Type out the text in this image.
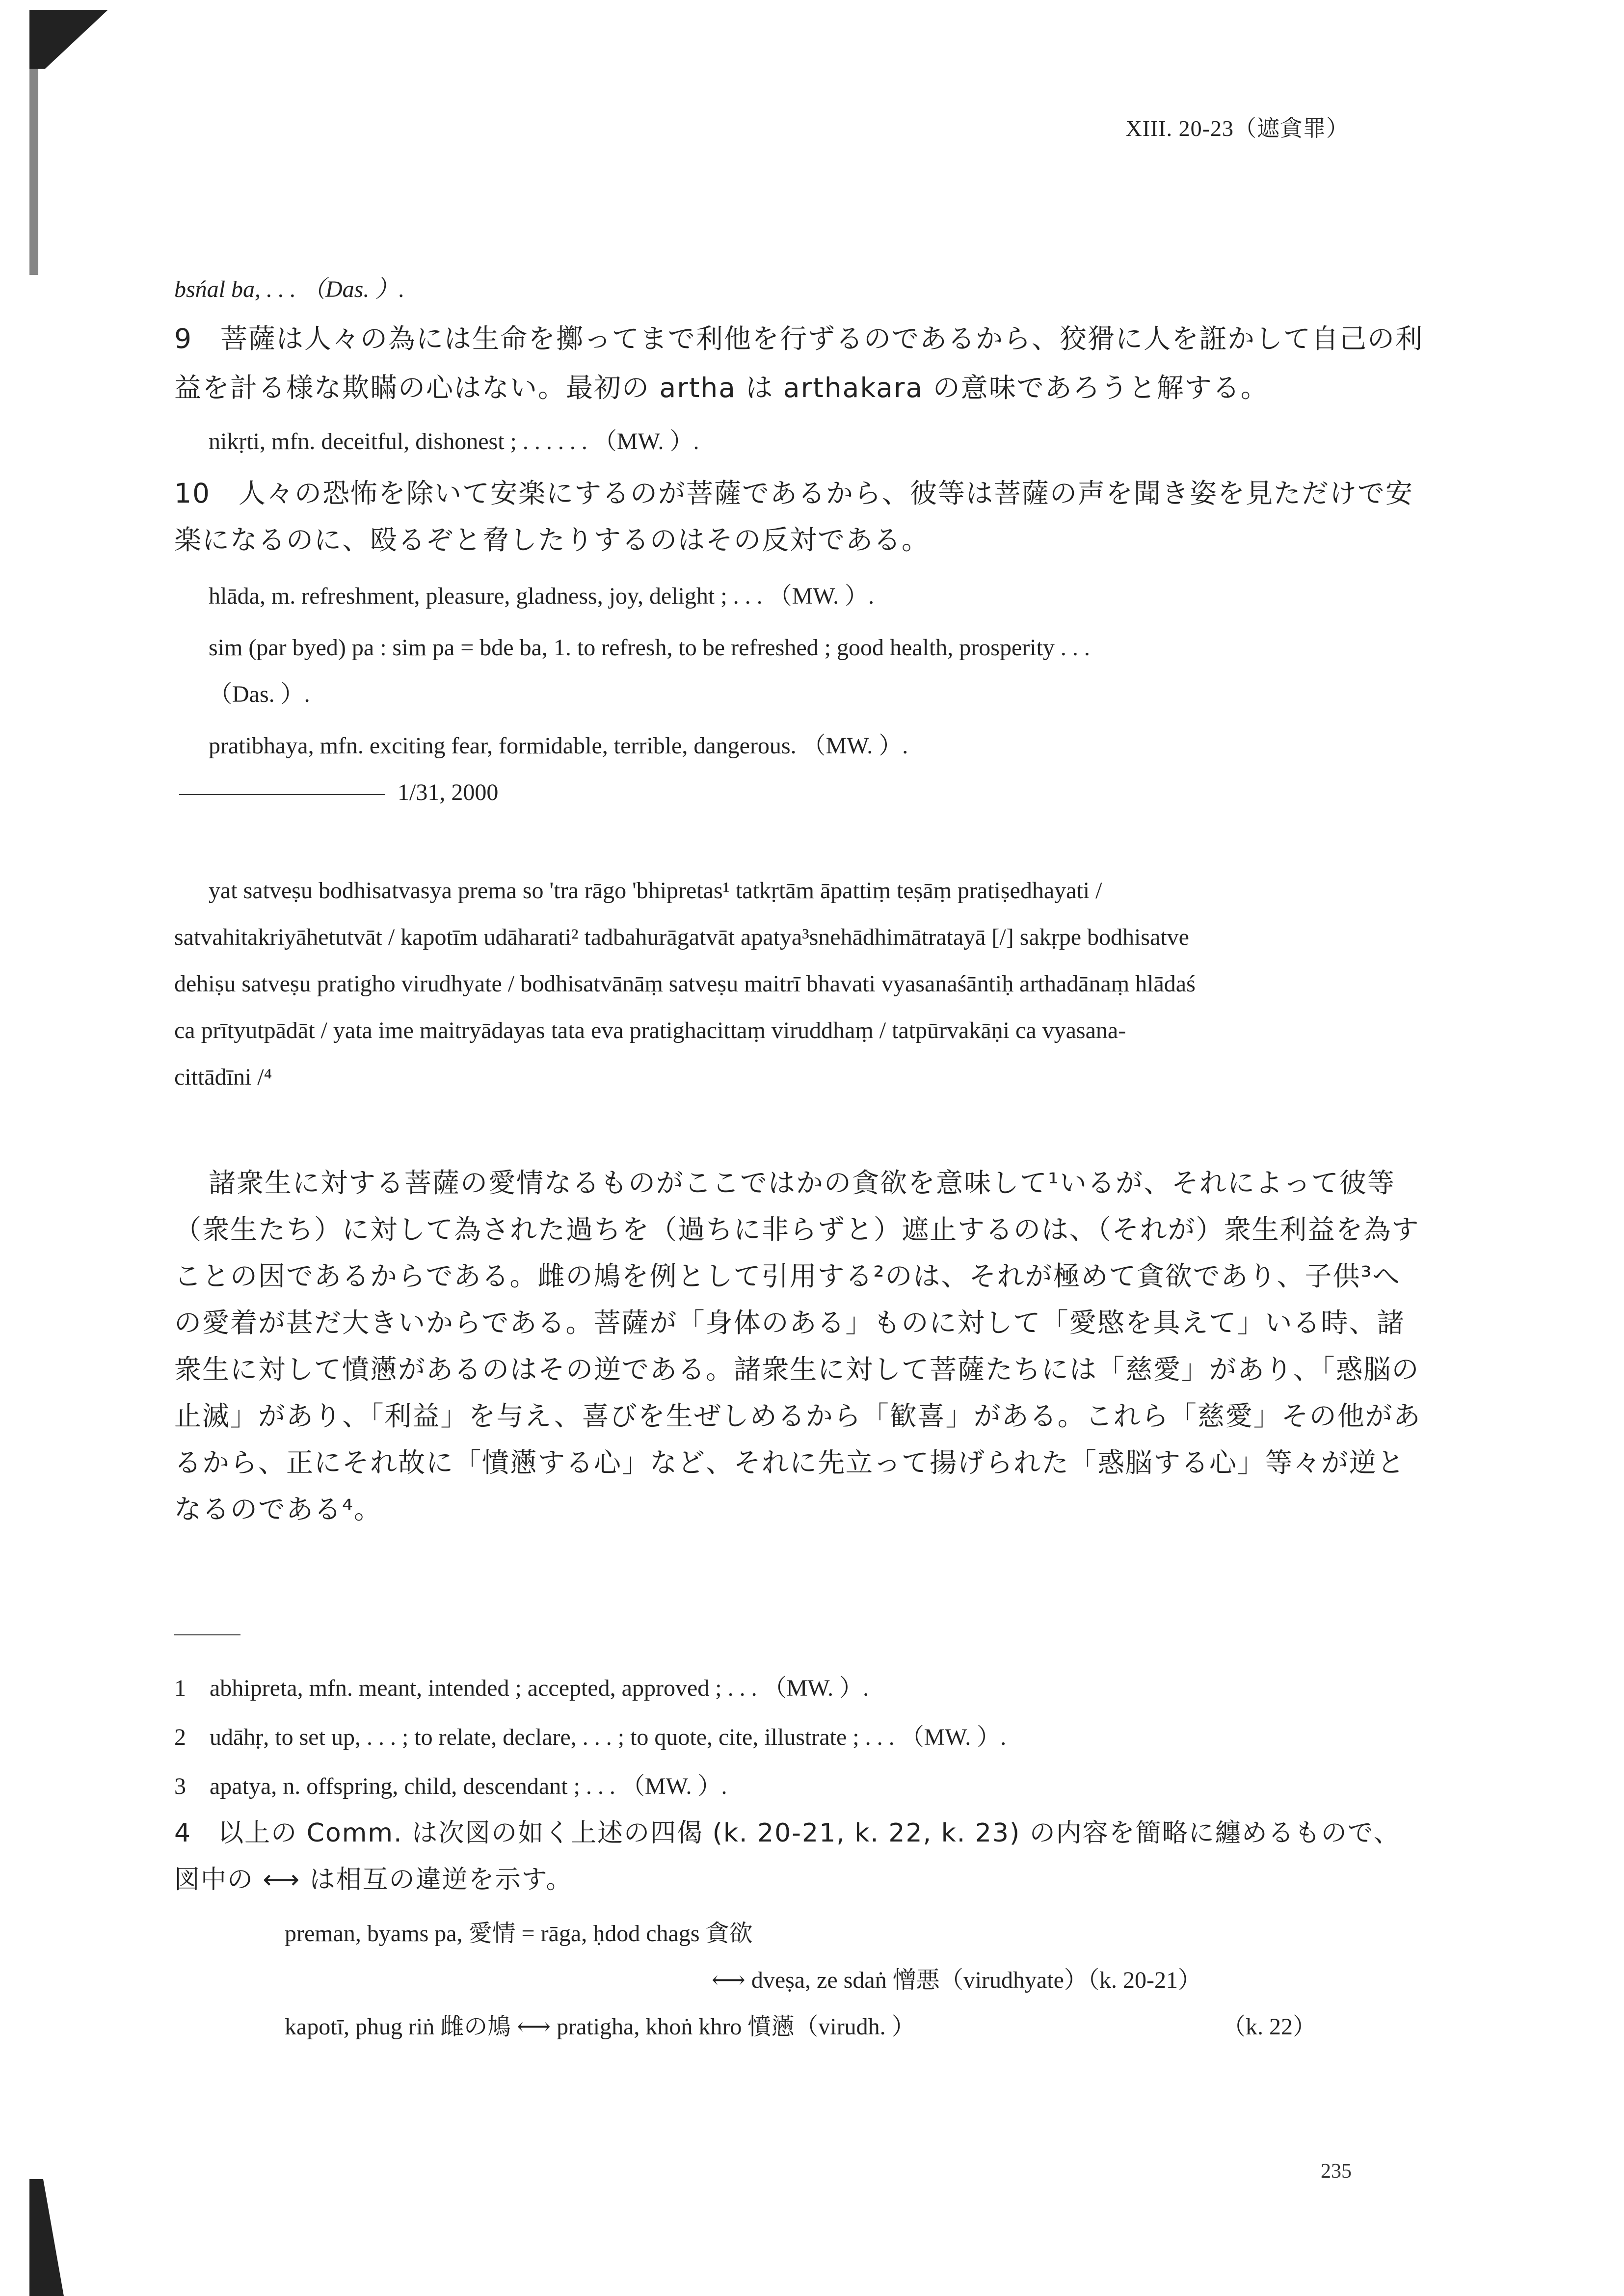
XIII. 20-23（遮貪罪）
bsńal ba, . . . （Das. ）.
9　菩薩は人々の為には生命を擲ってまで利他を行ずるのであるから、狡猾に人を誑かして自己の利
益を計る様な欺瞞の心はない。最初の artha は arthakara の意味であろうと解する。
nikṛti, mfn. deceitful, dishonest ; . . . . . . （MW. ）.
10　人々の恐怖を除いて安楽にするのが菩薩であるから、彼等は菩薩の声を聞き姿を見ただけで安
楽になるのに、殴るぞと脅したりするのはその反対である。
hlāda, m. refreshment, pleasure, gladness, joy, delight ; . . . （MW. ）.
sim (par byed) pa : sim pa = bde ba, 1. to refresh, to be refreshed ; good health, prosperity . . .
（Das. ）.
pratibhaya, mfn. exciting fear, formidable, terrible, dangerous. （MW. ）.
1/31, 2000
yat satveṣu bodhisatvasya prema so 'tra rāgo 'bhipretas¹ tatkṛtām āpattiṃ teṣāṃ pratiṣedhayati /
satvahitakriyāhetutvāt / kapotīm udāharati² tadbahurāgatvāt apatya³snehādhimātratayā [/] sakṛpe bodhisatve
dehiṣu satveṣu pratigho virudhyate / bodhisatvānāṃ satveṣu maitrī bhavati vyasanaśāntiḥ arthadānaṃ hlādaś
ca prītyutpādāt / yata ime maitryādayas tata eva pratighacittaṃ viruddhaṃ / tatpūrvakāṇi ca vyasana-
cittādīni /⁴
諸衆生に対する菩薩の愛情なるものがここではかの貪欲を意味して¹いるが、それによって彼等
（衆生たち）に対して為された過ちを（過ちに非らずと）遮止するのは、（それが）衆生利益を為す
ことの因であるからである。雌の鳩を例として引用する²のは、それが極めて貪欲であり、子供³へ
の愛着が甚だ大きいからである。菩薩が「身体のある」ものに対して「愛愍を具えて」いる時、諸
衆生に対して憤懣があるのはその逆である。諸衆生に対して菩薩たちには「慈愛」があり、「惑脳の
止滅」があり、「利益」を与え、喜びを生ぜしめるから「歓喜」がある。これら「慈愛」その他があ
るから、正にそれ故に「憤懣する心」など、それに先立って揚げられた「惑脳する心」等々が逆と
なるのである⁴。
1　abhipreta, mfn. meant, intended ; accepted, approved ; . . . （MW. ）.
2　udāhṛ, to set up, . . . ; to relate, declare, . . . ; to quote, cite, illustrate ; . . . （MW. ）.
3　apatya, n. offspring, child, descendant ; . . . （MW. ）.
4　以上の Comm. は次図の如く上述の四偈 (k. 20-21, k. 22, k. 23) の内容を簡略に纏めるもので、
図中の ⟷ は相互の違逆を示す。
preman, byams pa, 愛情 = rāga, ḥdod chags 貪欲
⟷ dveṣa, ze sdaṅ 憎悪（virudhyate）（k. 20-21）
kapotī, phug riṅ 雌の鳩 ⟷ pratigha, khoṅ khro 憤懣（virudh. ）	（k. 22）
235
